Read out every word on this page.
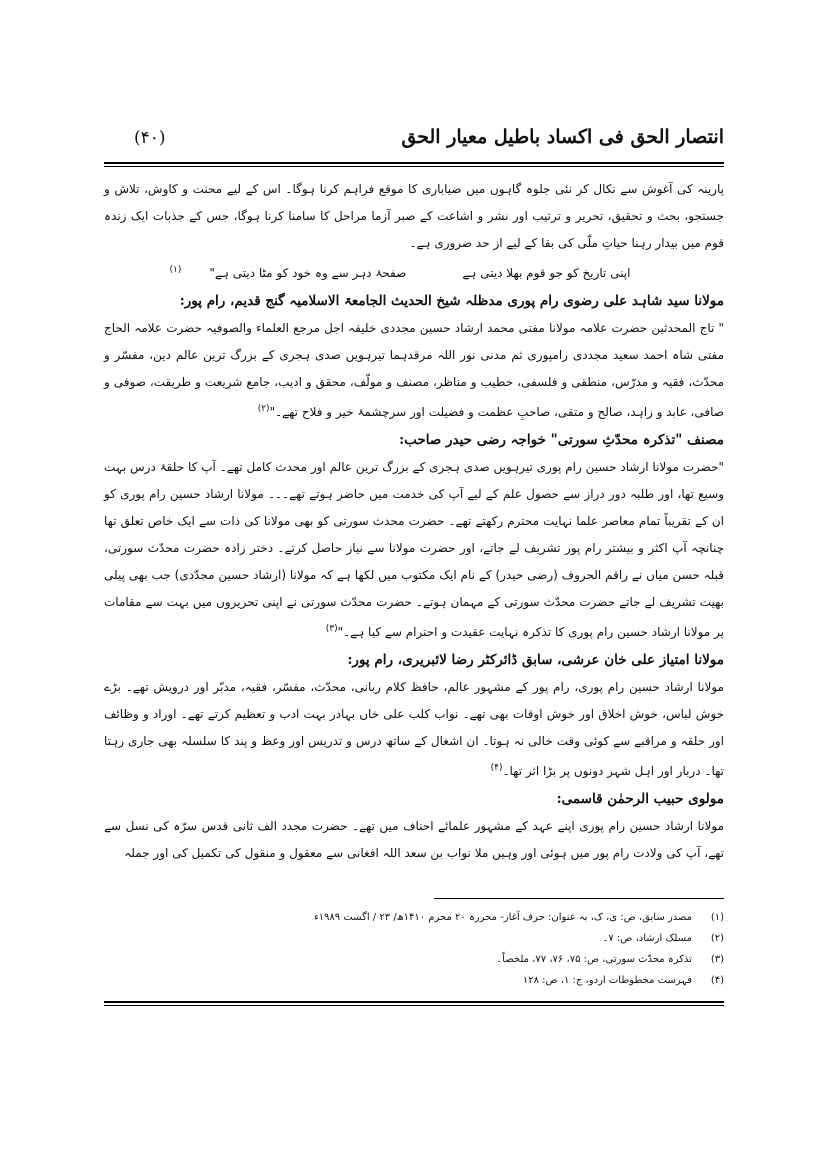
انتصار الحق فی اکساد باطیل معیار الحق
(۴۰)

پارینہ کی آغوش سے نکال کر نئی جلوہ گاہوں میں ضیاباری کا موقع فراہم کرنا ہوگا۔ اس کے لیے محنت و کاوش، تلاش و جستجو، بحث و تحقیق، تحریر و ترتیب اور نشر و اشاعت کے صبر آزما مراحل کا سامنا کرنا ہوگا، جس کے جذبات ایک زندہ قوم میں بیدار رہنا حیاتِ ملّی کی بقا کے لیے از حد ضروری ہے۔

اپنی تاریخ کو جو قوم بھلا دیتی ہےصفحۂ دہر سے وہ خود کو مٹا دیتی ہے"$^{(۱)}$

مولانا سید شاہد علی رضوی رام پوری مدظلہ شیخ الحدیث الجامعۃ الاسلامیہ گنج قدیم، رام پور:

" تاج المحدثین حضرت علامہ مولانا مفتی محمد ارشاد حسین مجددی خلیفہ اجل مرجع العلماء والصوفیہ حضرت علامہ الحاج مفتی شاہ احمد سعید مجددی رامپوری ثم مدنی نور اللہ مرقدہما تیرہویں صدی ہجری کے بزرگ ترین عالم دین، مفسّر و محدّث، فقیہ و مدرّس، منطقی و فلسفی، خطیب و مناظر، مصنف و مولّف، محقق و ادیب، جامع شریعت و طریقت، صوفی و صافی، عابد و زاہد، صالح و متقی، صاحبِ عظمت و فضیلت اور سرچشمۂ خیر و فلاح تھے۔"$^{(۲)}$

مصنف "تذکرہ محدّثِ سورتی" خواجہ رضی حیدر صاحب:

"حضرت مولانا ارشاد حسین رام پوری تیرہویں صدی ہجری کے بزرگ ترین عالم اور محدث کامل تھے۔ آپ کا حلقۂ درس بہت وسیع تھا، اور طلبہ دور دراز سے حصول علم کے لیے آپ کی خدمت میں حاضر ہوتے تھے۔۔۔ مولانا ارشاد حسین رام پوری کو ان کے تقریباً تمام معاصر علما نہایت محترم رکھتے تھے۔ حضرت محدث سورتی کو بھی مولانا کی ذات سے ایک خاص تعلق تھا چنانچہ آپ اکثر و بیشتر رام پور تشریف لے جاتے، اور حضرت مولانا سے نیاز حاصل کرتے۔ دختر زادہ حضرت محدّث سورتی، قبلہ حسن میاں نے راقم الحروف (رضی حیدر) کے نام ایک مکتوب میں لکھا ہے کہ مولانا (ارشاد حسین مجدّدی) جب بھی پیلی بھیت تشریف لے جاتے حضرت محدّث سورتی کے مہمان ہوتے۔ حضرت محدّث سورتی نے اپنی تحریروں میں بہت سے مقامات پر مولانا ارشاد حسین رام پوری کا تذکرہ نہایت عقیدت و احترام سے کیا ہے۔"$^{(۳)}$

مولانا امتیاز علی خان عرشی، سابق ڈائرکٹر رضا لائبریری، رام پور:

مولانا ارشاد حسین رام پوری، رام پور کے مشہور عالم، حافظ کلام ربانی، محدّث، مفسّر، فقیہ، مدبّر اور درویش تھے۔ بڑے خوش لباس، خوش اخلاق اور خوش اوقات بھی تھے۔ نواب کلب علی خاں بہادر بہت ادب و تعظیم کرتے تھے۔ اوراد و وظائف اور حلقہ و مراقبے سے کوئی وقت خالی نہ ہوتا۔ ان اشغال کے ساتھ درس و تدریس اور وعظ و پند کا سلسلہ بھی جاری رہتا تھا۔ دربار اور اہل شہر دونوں پر بڑا اثر تھا۔$^{(۴)}$

مولوی حبیب الرحمٰن قاسمی:

مولانا ارشاد حسین رام پوری اپنے عہد کے مشہور علمائے احناف میں تھے۔ حضرت مجدد الف ثانی قدس سرّہ کی نسل سے تھے، آپ کی ولادت رام پور میں ہوئی اور وہیں ملا نواب بن سعد اللہ افغانی سے معقول و منقول کی تکمیل کی اور جملہ

(۱)
مصدر سابق، ص: ی، ک، بہ عنوان: حرف آغاز- محررہ ۲۰ محرم ۱۴۱۰ھ/ ۲۳ / اگست ۱۹۸۹ء
(۲)
مسلک ارشاد، ص: ۷۔
(۳)
تذکرہ محدّث سورتی، ص: ۷۵، ۷۶، ۷۷، ملخصاً۔
(۴)
فہرست مخطوطات اردو، ج: ۱، ص: ۱۲۸
